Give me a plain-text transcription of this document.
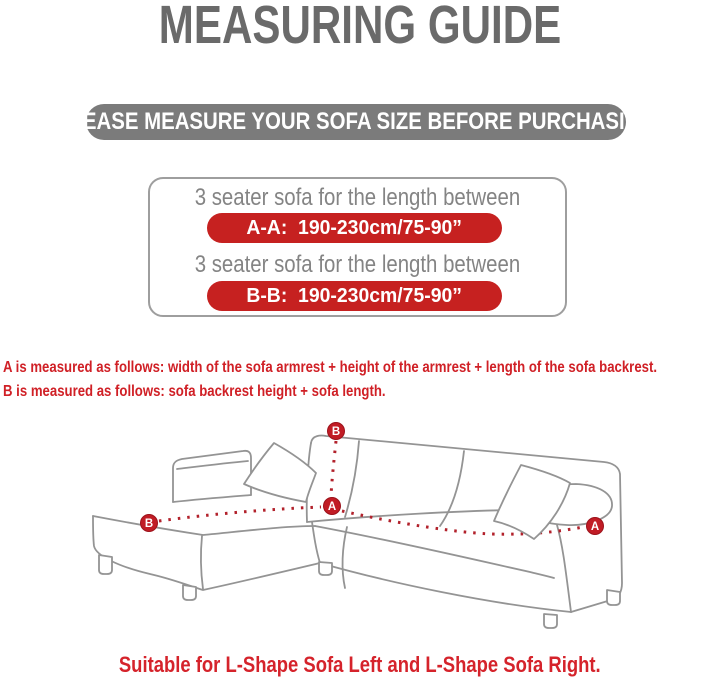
MEASURING GUIDE
PLEASE MEASURE YOUR SOFA SIZE BEFORE PURCHASING
3 seater sofa for the length between
A-A:  190-230cm/75-90”
3 seater sofa for the length between
B-B:  190-230cm/75-90”
A is measured as follows: width of the sofa armrest + height of the armrest + length of the sofa backrest.
B is measured as follows: sofa backrest height + sofa length.
B
A
B	A
Suitable for L-Shape Sofa Left and L-Shape Sofa Right.
